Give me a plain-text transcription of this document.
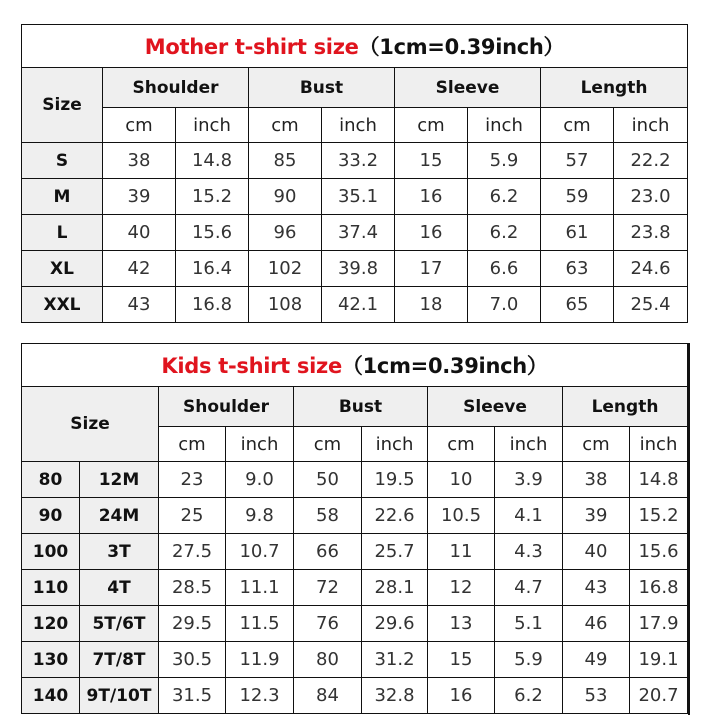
Mother t-shirt size（1cm=0.39inch）								
Size	Shoulder		Bust		Sleeve		Length	
	cm	inch	cm	inch	cm	inch	cm	inch
S	38	14.8	85	33.2	15	5.9	57	22.2
M	39	15.2	90	35.1	16	6.2	59	23.0
L	40	15.6	96	37.4	16	6.2	61	23.8
XL	42	16.4	102	39.8	17	6.6	63	24.6
XXL	43	16.8	108	42.1	18	7.0	65	25.4
Kids t-shirt size（1cm=0.39inch）									
Size		Shoulder		Bust		Sleeve		Length	
		cm	inch	cm	inch	cm	inch	cm	inch
80	12M	23	9.0	50	19.5	10	3.9	38	14.8
90	24M	25	9.8	58	22.6	10.5	4.1	39	15.2
100	3T	27.5	10.7	66	25.7	11	4.3	40	15.6
110	4T	28.5	11.1	72	28.1	12	4.7	43	16.8
120	5T/6T	29.5	11.5	76	29.6	13	5.1	46	17.9
130	7T/8T	30.5	11.9	80	31.2	15	5.9	49	19.1
140	9T/10T	31.5	12.3	84	32.8	16	6.2	53	20.7
